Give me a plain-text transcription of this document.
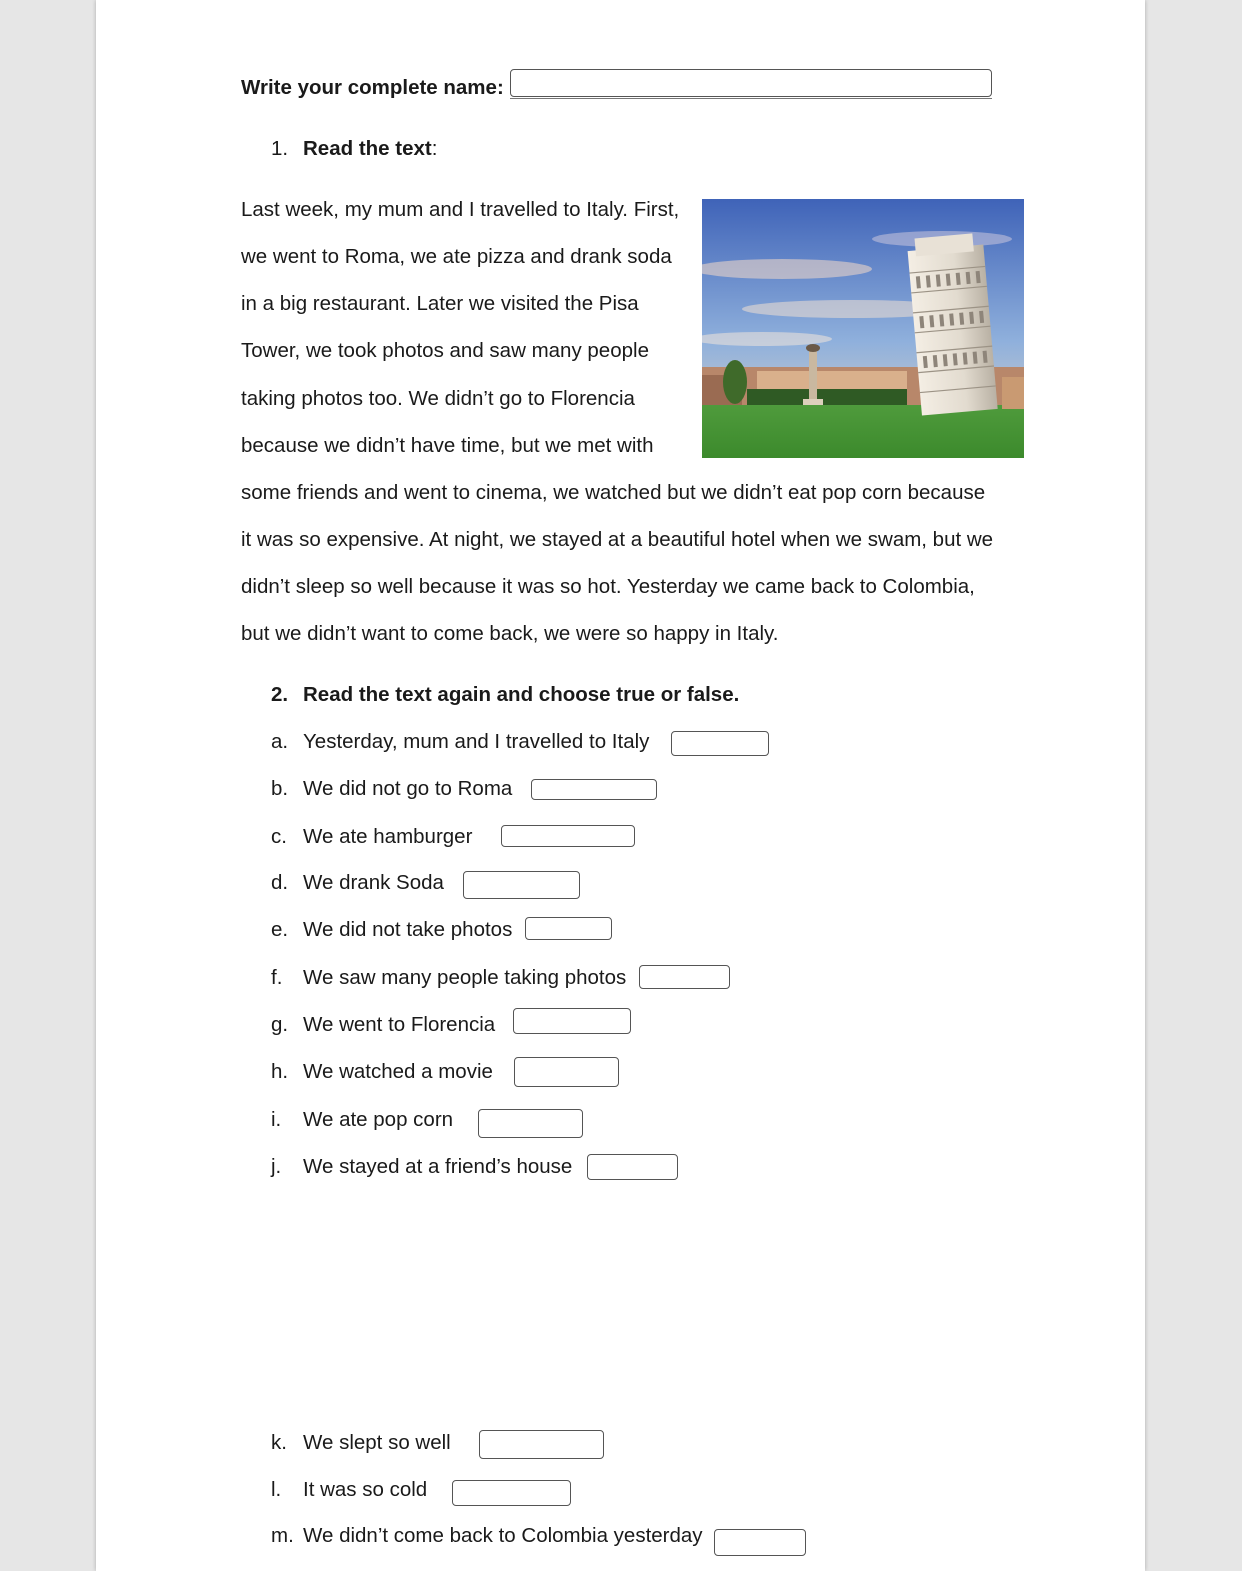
Write your complete name:
1. Read the text:
Last week, my mum and I travelled to Italy. First,
we went to Roma, we ate pizza and drank soda
in a big restaurant. Later we visited the Pisa
Tower, we took photos and saw many people
taking photos too. We didn’t go to Florencia
because we didn’t have time, but we met with
some friends and went to cinema, we watched but we didn’t eat pop corn because
it was so expensive. At night, we stayed at a beautiful hotel when we swam, but we
didn’t sleep so well because it was so hot. Yesterday we came back to Colombia,
but we didn’t want to come back, we were so happy in Italy.
2. Read the text again and choose true or false.
a. Yesterday, mum and I travelled to Italy
b. We did not go to Roma
c. We ate hamburger
d. We drank Soda
e. We did not take photos
f.	We saw many people taking photos
g. We went to Florencia
h. We watched a movie
i.	We ate pop corn
j.	We stayed at a friend’s house
k. We slept so well
l.	It was so cold
m. We didn’t come back to Colombia yesterday
